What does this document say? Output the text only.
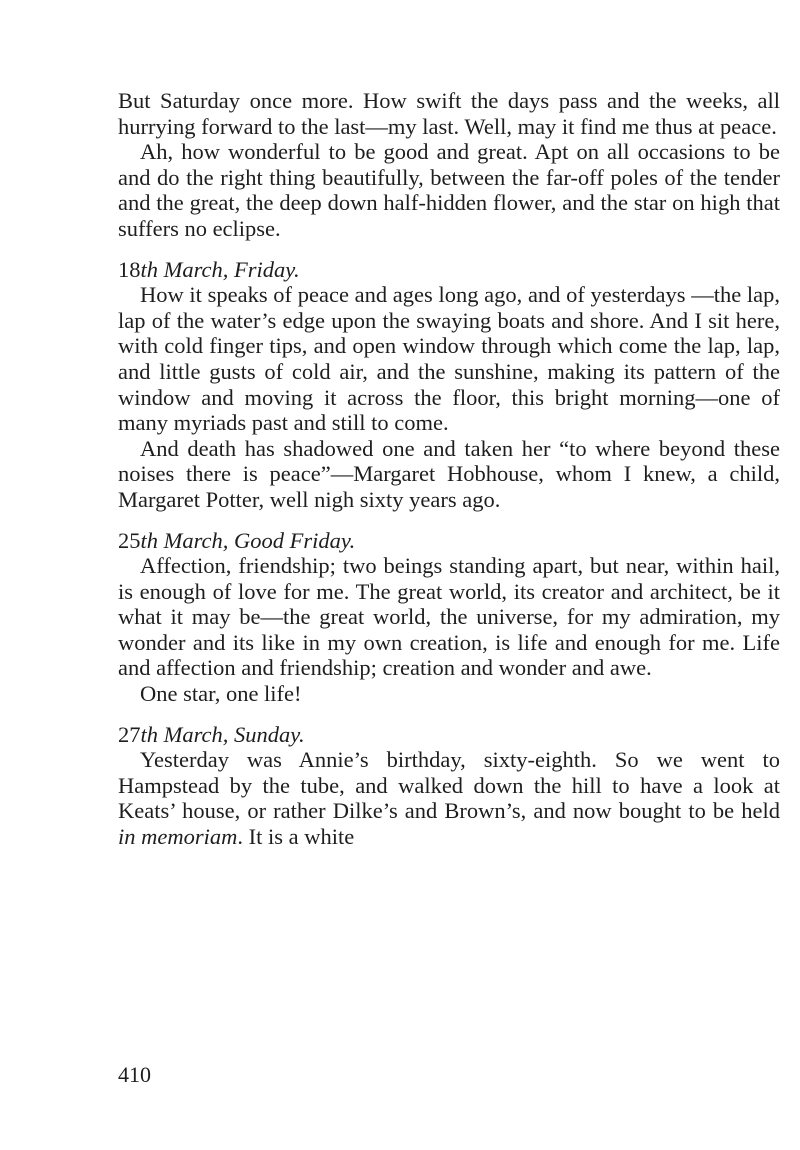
But Saturday once more. How swift the days pass and the weeks, all hurrying forward to the last—my last. Well, may it find me thus at peace.

Ah, how wonderful to be good and great. Apt on all occasions to be and do the right thing beautifully, between the far-off poles of the tender and the great, the deep down half-hidden flower, and the star on high that suffers no eclipse.

18th March, Friday.

How it speaks of peace and ages long ago, and of yesterdays —the lap, lap of the water’s edge upon the swaying boats and shore. And I sit here, with cold finger tips, and open window through which come the lap, lap, and little gusts of cold air, and the sunshine, making its pattern of the window and moving it across the floor, this bright morning—one of many myriads past and still to come.

And death has shadowed one and taken her “to where beyond these noises there is peace”—Margaret Hobhouse, whom I knew, a child, Margaret Potter, well nigh sixty years ago.

25th March, Good Friday.

Affection, friendship; two beings standing apart, but near, within hail, is enough of love for me. The great world, its creator and architect, be it what it may be—the great world, the universe, for my admiration, my wonder and its like in my own creation, is life and enough for me. Life and affection and friendship; creation and wonder and awe.

One star, one life!

27th March, Sunday.

Yesterday was Annie’s birthday, sixty-eighth. So we went to Hampstead by the tube, and walked down the hill to have a look at Keats’ house, or rather Dilke’s and Brown’s, and now bought to be held in memoriam. It is a white

410
